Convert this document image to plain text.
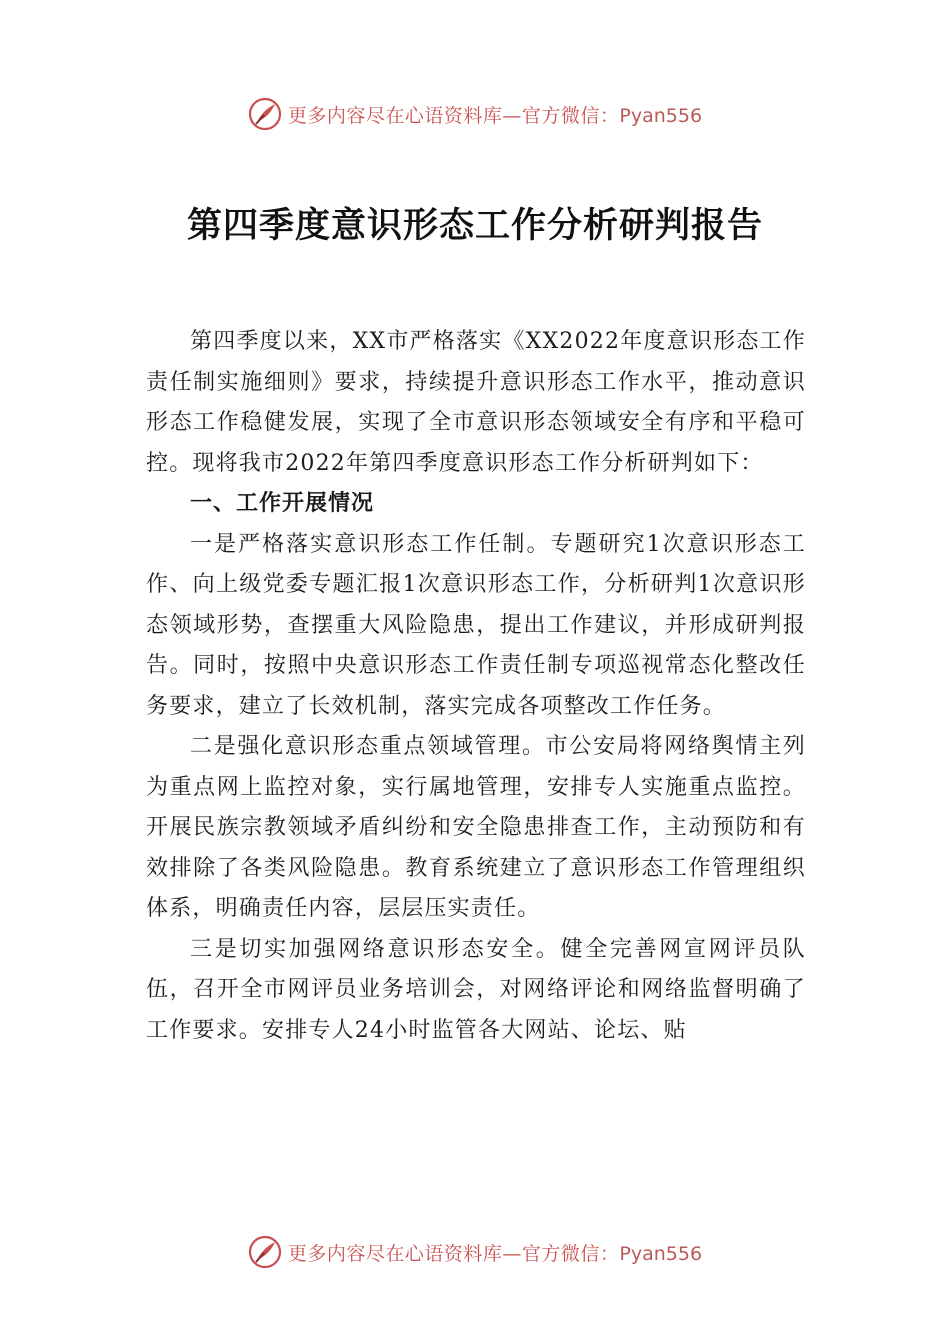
更多内容尽在心语资料库—官方微信：Pyan556
第四季度意识形态工作分析研判报告

第四季度以来，XX市严格落实《XX2022年度意识形态工作责任制实施细则》要求，持续提升意识形态工作水平，推动意识形态工作稳健发展，实现了全市意识形态领域安全有序和平稳可控。现将我市2022年第四季度意识形态工作分析研判如下：

一、工作开展情况

一是严格落实意识形态工作任制。专题研究1次意识形态工作、向上级党委专题汇报1次意识形态工作，分析研判1次意识形态领域形势，查摆重大风险隐患，提出工作建议，并形成研判报告。同时，按照中央意识形态工作责任制专项巡视常态化整改任务要求，建立了长效机制，落实完成各项整改工作任务。

二是强化意识形态重点领域管理。市公安局将网络舆情主列为重点网上监控对象，实行属地管理，安排专人实施重点监控。开展民族宗教领域矛盾纠纷和安全隐患排查工作，主动预防和有效排除了各类风险隐患。教育系统建立了意识形态工作管理组织体系，明确责任内容，层层压实责任。

三是切实加强网络意识形态安全。健全完善网宣网评员队伍，召开全市网评员业务培训会，对网络评论和网络监督明确了工作要求。安排专人24小时监管各大网站、论坛、贴

更多内容尽在心语资料库—官方微信：Pyan556
